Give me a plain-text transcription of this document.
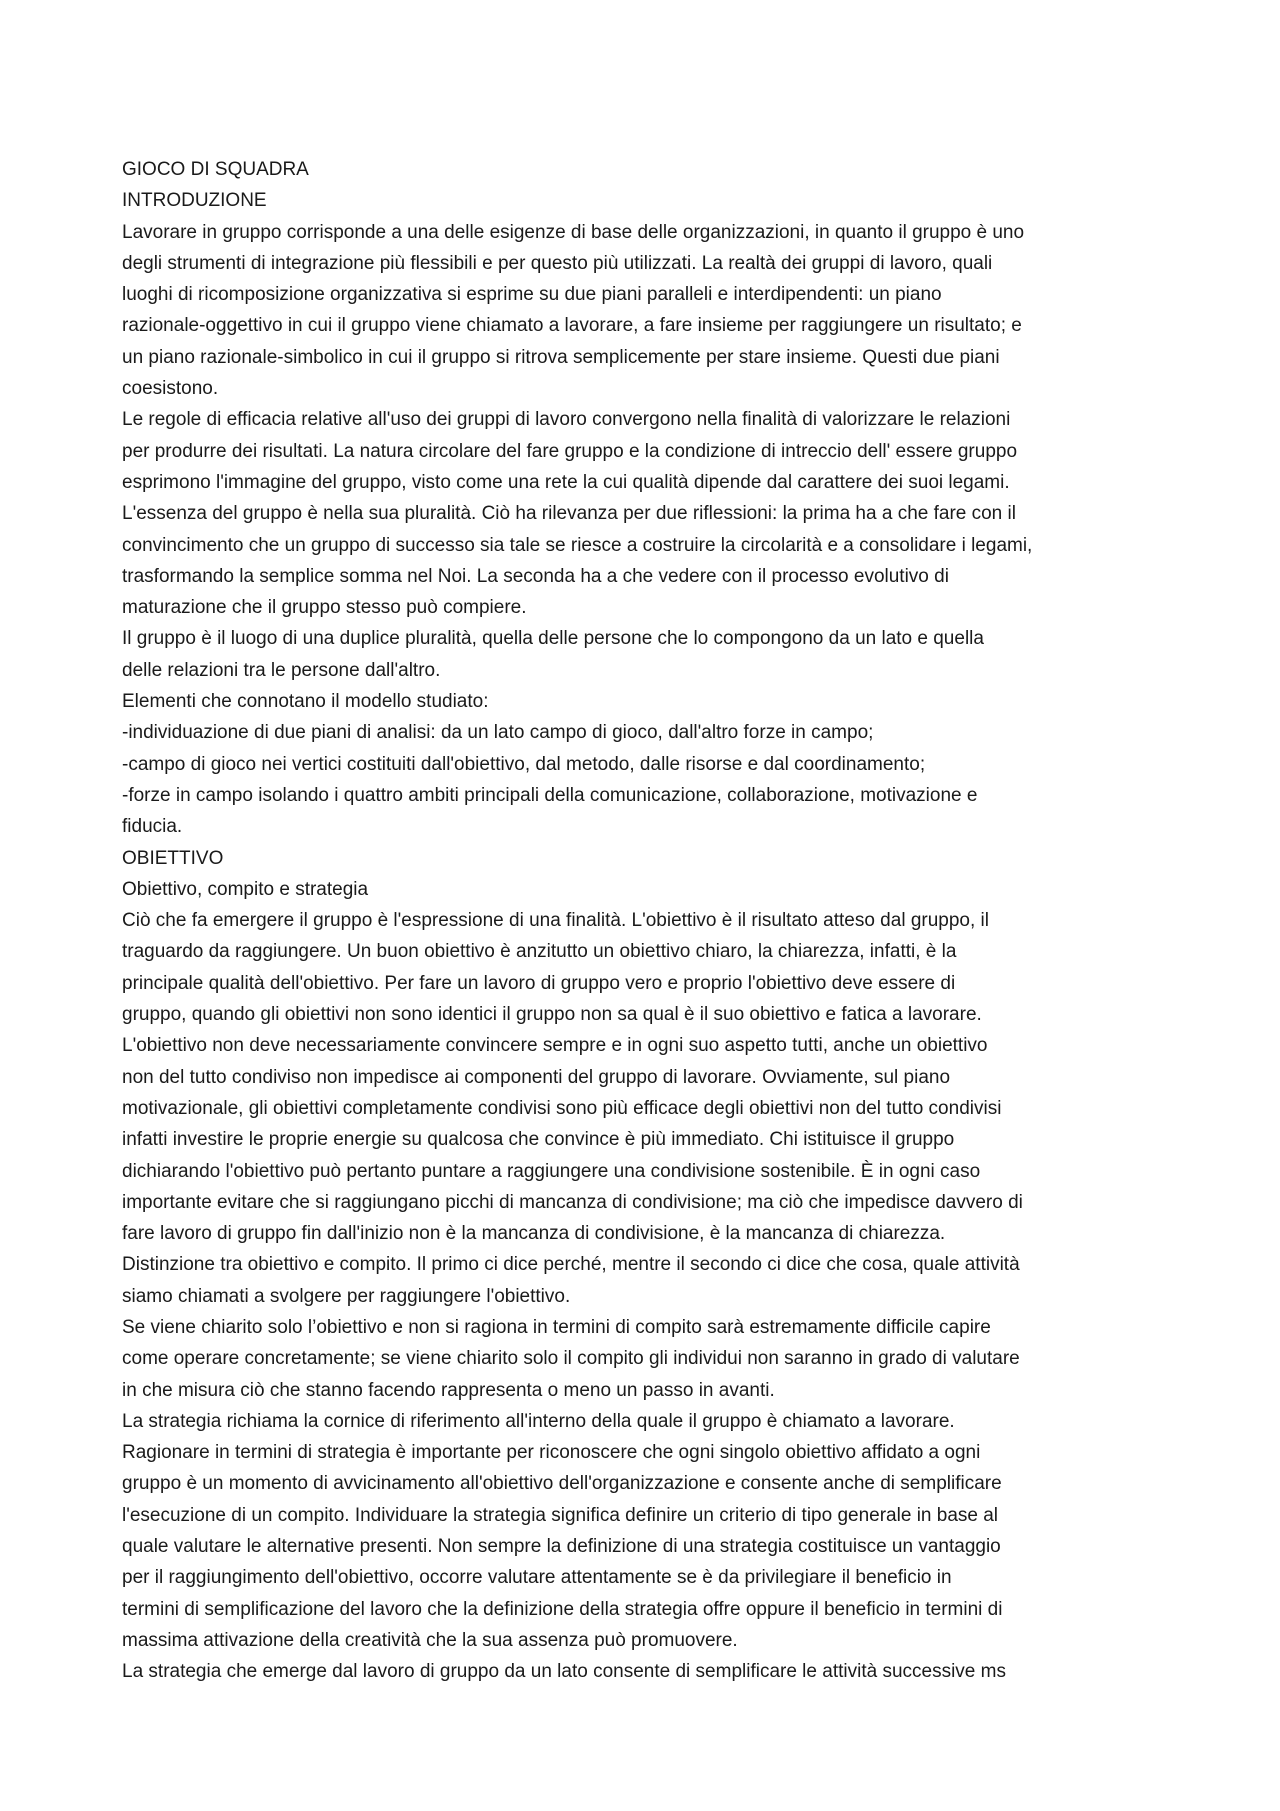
GIOCO DI SQUADRA
INTRODUZIONE
Lavorare in gruppo corrisponde a una delle esigenze di base delle organizzazioni, in quanto il gruppo è uno
degli strumenti di integrazione più flessibili e per questo più utilizzati. La realtà dei gruppi di lavoro, quali
luoghi di ricomposizione organizzativa si esprime su due piani paralleli e interdipendenti: un piano
razionale-oggettivo in cui il gruppo viene chiamato a lavorare, a fare insieme per raggiungere un risultato; e
un piano razionale-simbolico in cui il gruppo si ritrova semplicemente per stare insieme. Questi due piani
coesistono.
Le regole di efficacia relative all'uso dei gruppi di lavoro convergono nella finalità di valorizzare le relazioni
per produrre dei risultati. La natura circolare del fare gruppo e la condizione di intreccio dell' essere gruppo
esprimono l'immagine del gruppo, visto come una rete la cui qualità dipende dal carattere dei suoi legami.
L'essenza del gruppo è nella sua pluralità. Ciò ha rilevanza per due riflessioni: la prima ha a che fare con il
convincimento che un gruppo di successo sia tale se riesce a costruire la circolarità e a consolidare i legami,
trasformando la semplice somma nel Noi. La seconda ha a che vedere con il processo evolutivo di
maturazione che il gruppo stesso può compiere.
Il gruppo è il luogo di una duplice pluralità, quella delle persone che lo compongono da un lato e quella
delle relazioni tra le persone dall'altro.
Elementi che connotano il modello studiato:
-individuazione di due piani di analisi: da un lato campo di gioco, dall'altro forze in campo;
-campo di gioco nei vertici costituiti dall'obiettivo, dal metodo, dalle risorse e dal coordinamento;
-forze in campo isolando i quattro ambiti principali della comunicazione, collaborazione, motivazione e
fiducia.
OBIETTIVO
Obiettivo, compito e strategia
Ciò che fa emergere il gruppo è l'espressione di una finalità. L'obiettivo è il risultato atteso dal gruppo, il
traguardo da raggiungere. Un buon obiettivo è anzitutto un obiettivo chiaro, la chiarezza, infatti, è la
principale qualità dell'obiettivo. Per fare un lavoro di gruppo vero e proprio l'obiettivo deve essere di
gruppo, quando gli obiettivi non sono identici il gruppo non sa qual è il suo obiettivo e fatica a lavorare.
L'obiettivo non deve necessariamente convincere sempre e in ogni suo aspetto tutti, anche un obiettivo
non del tutto condiviso non impedisce ai componenti del gruppo di lavorare. Ovviamente, sul piano
motivazionale, gli obiettivi completamente condivisi sono più efficace degli obiettivi non del tutto condivisi
infatti investire le proprie energie su qualcosa che convince è più immediato. Chi istituisce il gruppo
dichiarando l'obiettivo può pertanto puntare a raggiungere una condivisione sostenibile. È in ogni caso
importante evitare che si raggiungano picchi di mancanza di condivisione; ma ciò che impedisce davvero di
fare lavoro di gruppo fin dall'inizio non è la mancanza di condivisione, è la mancanza di chiarezza.
Distinzione tra obiettivo e compito. Il primo ci dice perché, mentre il secondo ci dice che cosa, quale attività
siamo chiamati a svolgere per raggiungere l'obiettivo.
Se viene chiarito solo l’obiettivo e non si ragiona in termini di compito sarà estremamente difficile capire
come operare concretamente; se viene chiarito solo il compito gli individui non saranno in grado di valutare
in che misura ciò che stanno facendo rappresenta o meno un passo in avanti.
La strategia richiama la cornice di riferimento all'interno della quale il gruppo è chiamato a lavorare.
Ragionare in termini di strategia è importante per riconoscere che ogni singolo obiettivo affidato a ogni
gruppo è un momento di avvicinamento all'obiettivo dell'organizzazione e consente anche di semplificare
l'esecuzione di un compito. Individuare la strategia significa definire un criterio di tipo generale in base al
quale valutare le alternative presenti. Non sempre la definizione di una strategia costituisce un vantaggio
per il raggiungimento dell'obiettivo, occorre valutare attentamente se è da privilegiare il beneficio in
termini di semplificazione del lavoro che la definizione della strategia offre oppure il beneficio in termini di
massima attivazione della creatività che la sua assenza può promuovere.
La strategia che emerge dal lavoro di gruppo da un lato consente di semplificare le attività successive ms
